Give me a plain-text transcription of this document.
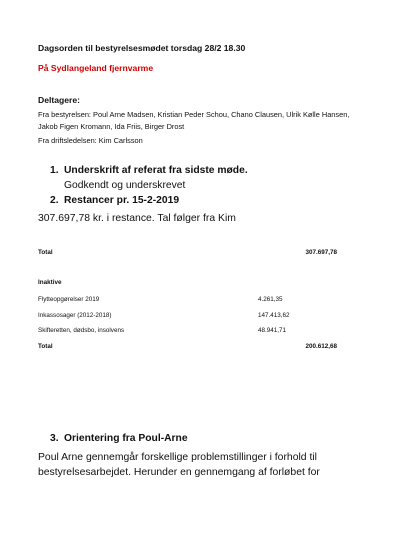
Dagsorden til bestyrelsesmødet torsdag 28/2 18.30
På Sydlangeland fjernvarme
Deltagere:
Fra bestyrelsen: Poul Arne Madsen, Kristian Peder Schou, Chano Clausen, Ulrik Kølle Hansen, Jakob Figen Kromann, Ida Friis, Birger Drost
Fra driftsledelsen: Kim Carlsson
1. Underskrift af referat fra sidste møde.
Godkendt og underskrevet
2. Restancer pr. 15-2-2019
307.697,78 kr. i restance. Tal følger fra Kim
Total	307.697,78
Inaktive
Flytteopgørelser 2019	4.261,35
Inkassosager (2012-2018)	147.413,62
Skifteretten, dødsbo, insolvens	48.941,71
Total	200.612,68
3. Orientering fra Poul-Arne
Poul Arne gennemgår forskellige problemstillinger i forhold til bestyrelsesarbejdet. Herunder en gennemgang af forløbet for
